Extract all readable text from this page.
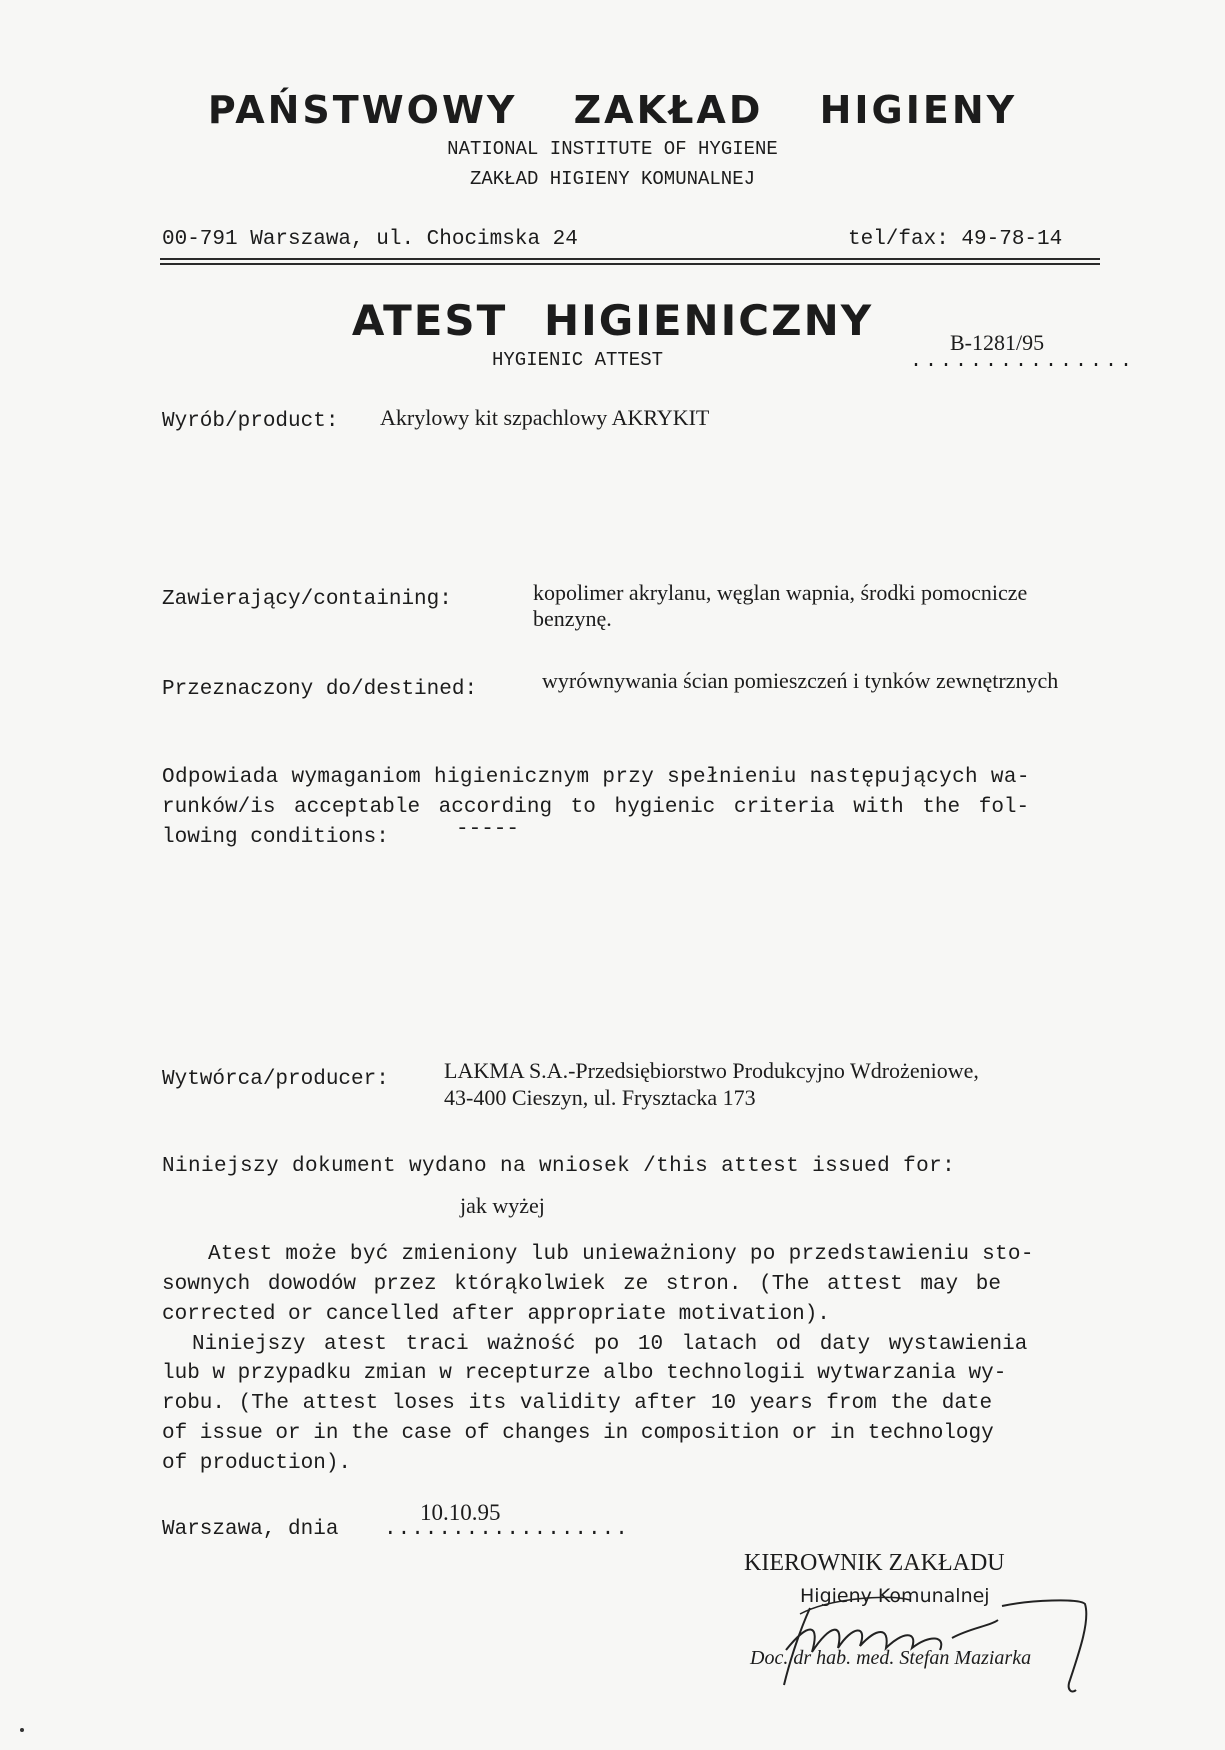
PAŃSTWOWY ZAKŁAD HIGIENY
NATIONAL INSTITUTE OF HYGIENE
ZAKŁAD HIGIENY KOMUNALNEJ
00-791 Warszawa, ul. Chocimska 24	tel/fax: 49-78-14
ATEST HIGIENICZNY
HYGIENIC ATTEST
B-1281/95
...............
Wyrób/product: Akrylowy kit szpachlowy AKRYKIT
Zawierający/containing:	kopolimer akrylanu, węglan wapnia, środki pomocnicze
benzynę.
Przeznaczony do/destined:	wyrównywania ścian pomieszczeń i tynków zewnętrznych
Odpowiada wymaganiom higienicznym przy spełnieniu następujących wa-
runków/is acceptable according to hygienic criteria with the fol-
lowing conditions:	-----
Wytwórca/producer:	LAKMA S.A.-Przedsiębiorstwo Produkcyjno Wdrożeniowe,
43-400 Cieszyn, ul. Frysztacka 173
Niniejszy dokument wydano na wniosek /this attest issued for:
jak wyżej
Atest może być zmieniony lub unieważniony po przedstawieniu sto-
sownych dowodów przez którąkolwiek ze stron. (The attest may be
corrected or cancelled after appropriate motivation).
Niniejszy atest traci ważność po 10 latach od daty wystawienia
lub w przypadku zmian w recepturze albo technologii wytwarzania wy-
robu. (The attest loses its validity after 10 years from the date
of issue or in the case of changes in composition or in technology
of production).
10.10.95
Warszawa, dnia ..................
KIEROWNIK ZAKŁADU
Higieny Komunalnej
Doc. dr hab. med. Stefan Maziarka
